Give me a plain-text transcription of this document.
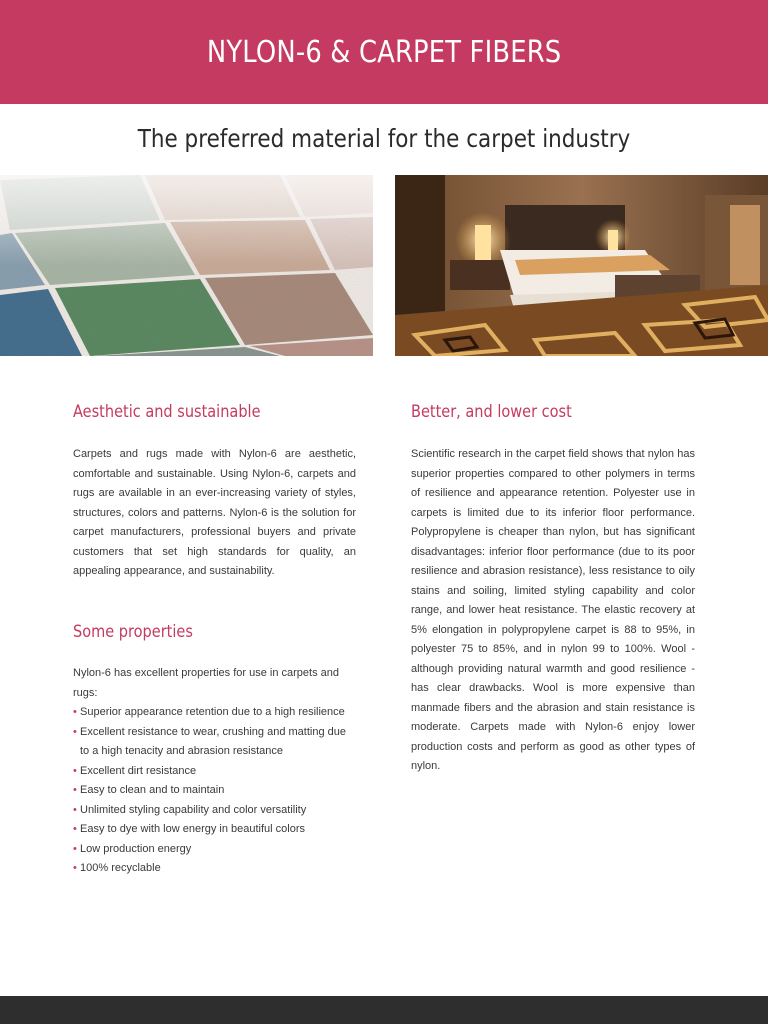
NYLON-6 & CARPET FIBERS
The preferred material for the carpet industry
Aesthetic and sustainable

Carpets and rugs made with Nylon-6 are aesthetic, comfortable and sustainable. Using Nylon-6, carpets and rugs are available in an ever-increasing variety of styles, structures, colors and patterns. Nylon-6 is the solution for carpet manufacturers, professional buyers and private customers that set high standards for quality, an appealing appearance, and sustainability.

Some properties

Nylon-6 has excellent properties for use in carpets and rugs:

• Superior appearance retention due to a high resilience
• Excellent resistance to wear, crushing and matting due to a high tenacity and abrasion resistance
• Excellent dirt resistance
• Easy to clean and to maintain
• Unlimited styling capability and color versatility
• Easy to dye with low energy in beautiful colors
• Low production energy
• 100% recyclable
Better, and lower cost

Scientific research in the carpet field shows that nylon has superior properties compared to other polymers in terms of resilience and appearance retention. Polyester use in carpets is limited due to its inferior floor performance. Polypropylene is cheaper than nylon, but has significant disadvantages: inferior floor performance (due to its poor resilience and abrasion resistance), less resistance to oily stains and soiling, limited styling capability and color range, and lower heat resistance. The elastic recovery at 5% elongation in polypropylene carpet is 88 to 95%, in polyester 75 to 85%, and in nylon 99 to 100%. Wool - although providing natural warmth and good resilience - has clear drawbacks. Wool is more expensive than manmade fibers and the abrasion and stain resistance is moderate. Carpets made with Nylon-6 enjoy lower production costs and perform as good as other types of nylon.
